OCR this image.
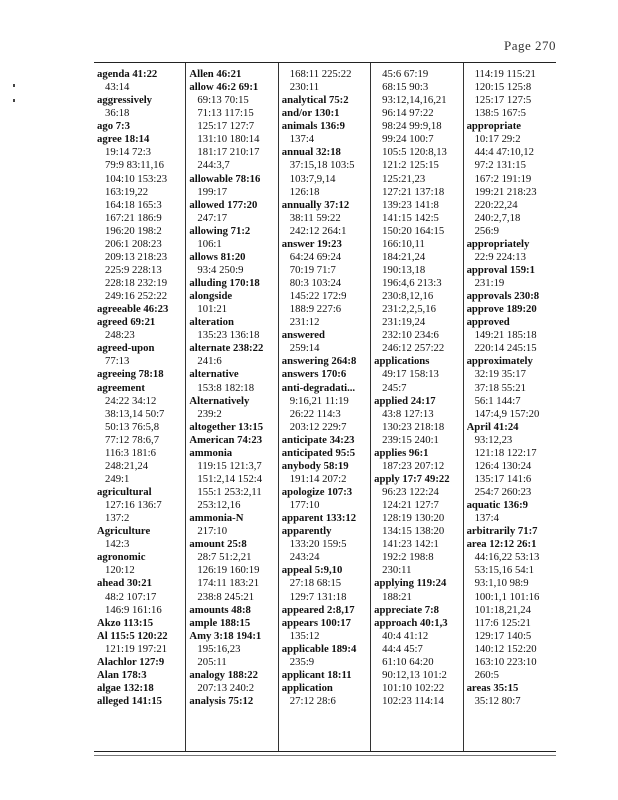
Page 270
agenda 41:22
43:14
aggressively
36:18
ago 7:3
agree 18:14
19:14 72:3
79:9 83:11,16
104:10 153:23
163:19,22
164:18 165:3
167:21 186:9
196:20 198:2
206:1 208:23
209:13 218:23
225:9 228:13
228:18 232:19
249:16 252:22
agreeable 46:23
agreed 69:21
248:23
agreed-upon
77:13
agreeing 78:18
agreement
24:22 34:12
38:13,14 50:7
50:13 76:5,8
77:12 78:6,7
116:3 181:6
248:21,24
249:1
agricultural
127:16 136:7
137:2
Agriculture
142:3
agronomic
120:12
ahead 30:21
48:2 107:17
146:9 161:16
Akzo 113:15
Al 115:5 120:22
121:19 197:21
Alachlor 127:9
Alan 178:3
algae 132:18
alleged 141:15
Allen 46:21
allow 46:2 69:1
69:13 70:15
71:13 117:15
125:17 127:7
131:10 180:14
181:17 210:17
244:3,7
allowable 78:16
199:17
allowed 177:20
247:17
allowing 71:2
106:1
allows 81:20
93:4 250:9
alluding 170:18
alongside
101:21
alteration
135:23 136:18
alternate 238:22
241:6
alternative
153:8 182:18
Alternatively
239:2
altogether 13:15
American 74:23
ammonia
119:15 121:3,7
151:2,14 152:4
155:1 253:2,11
253:12,16
ammonia-N
217:10
amount 25:8
28:7 51:2,21
126:19 160:19
174:11 183:21
238:8 245:21
amounts 48:8
ample 188:15
Amy 3:18 194:1
195:16,23
205:11
analogy 188:22
207:13 240:2
analysis 75:12
168:11 225:22
230:11
analytical 75:2
and/or 130:1
animals 136:9
137:4
annual 32:18
37:15,18 103:5
103:7,9,14
126:18
annually 37:12
38:11 59:22
242:12 264:1
answer 19:23
64:24 69:24
70:19 71:7
80:3 103:24
145:22 172:9
188:9 227:6
231:12
answered
259:14
answering 264:8
answers 170:6
anti-degradati...
9:16,21 11:19
26:22 114:3
203:12 229:7
anticipate 34:23
anticipated 95:5
anybody 58:19
191:14 207:2
apologize 107:3
177:10
apparent 133:12
apparently
133:20 159:5
243:24
appeal 5:9,10
27:18 68:15
129:7 131:18
appeared 2:8,17
appears 100:17
135:12
applicable 189:4
235:9
applicant 18:11
application
27:12 28:6
45:6 67:19
68:15 90:3
93:12,14,16,21
96:14 97:22
98:24 99:9,18
99:24 100:7
105:5 120:8,13
121:2 125:15
125:21,23
127:21 137:18
139:23 141:8
141:15 142:5
150:20 164:15
166:10,11
184:21,24
190:13,18
196:4,6 213:3
230:8,12,16
231:2,2,5,16
231:19,24
232:10 234:6
246:12 257:22
applications
49:17 158:13
245:7
applied 24:17
43:8 127:13
130:23 218:18
239:15 240:1
applies 96:1
187:23 207:12
apply 17:7 49:22
96:23 122:24
124:21 127:7
128:19 130:20
134:15 138:20
141:23 142:1
192:2 198:8
230:11
applying 119:24
188:21
appreciate 7:8
approach 40:1,3
40:4 41:12
44:4 45:7
61:10 64:20
90:12,13 101:2
101:10 102:22
102:23 114:14
114:19 115:21
120:15 125:8
125:17 127:5
138:5 167:5
appropriate
10:17 29:2
44:4 47:10,12
97:2 131:15
167:2 191:19
199:21 218:23
220:22,24
240:2,7,18
256:9
appropriately
22:9 224:13
approval 159:1
231:19
approvals 230:8
approve 189:20
approved
149:21 185:18
220:14 245:15
approximately
32:19 35:17
37:18 55:21
56:1 144:7
147:4,9 157:20
April 41:24
93:12,23
121:18 122:17
126:4 130:24
135:17 141:6
254:7 260:23
aquatic 136:9
137:4
arbitrarily 71:7
area 12:12 26:1
44:16,22 53:13
53:15,16 54:1
93:1,10 98:9
100:1,1 101:16
101:18,21,24
117:6 125:21
129:17 140:5
140:12 152:20
163:10 223:10
260:5
areas 35:15
35:12 80:7
